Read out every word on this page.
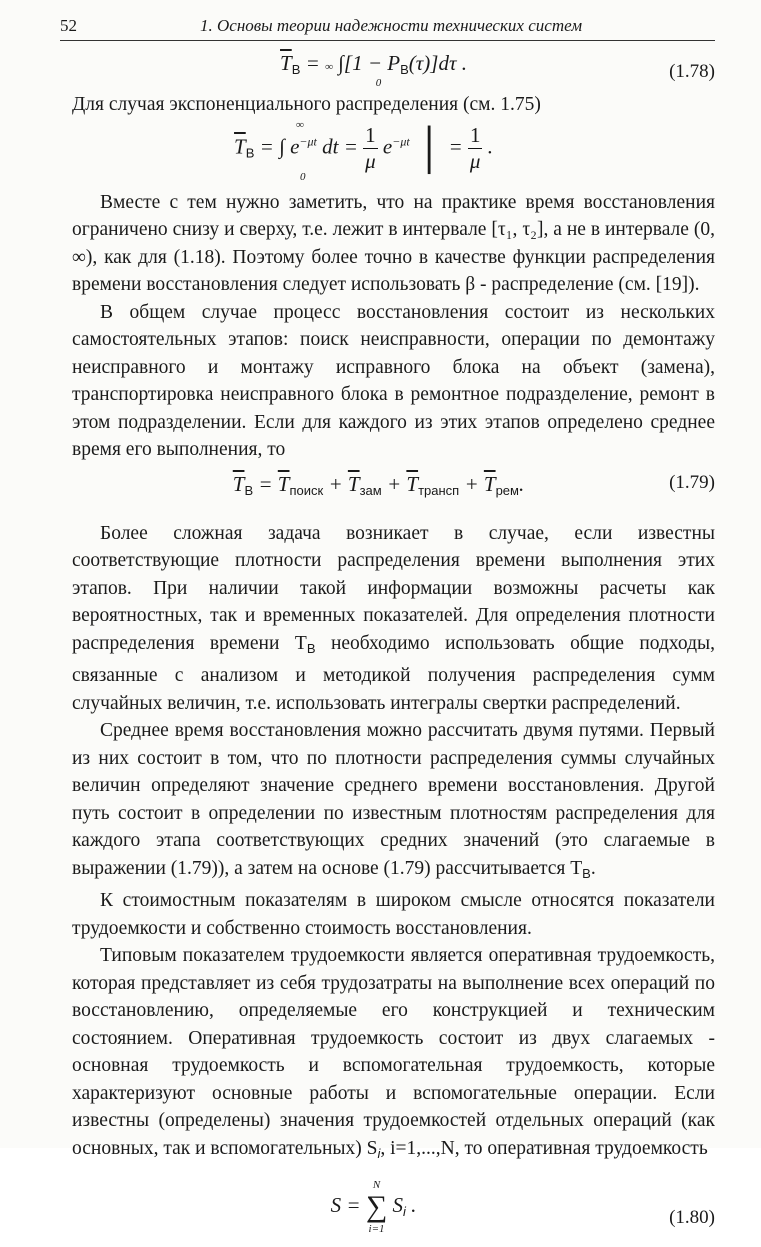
52	1. Основы теории надежности технических систем
$\overline{T}_В$ = ∞ $\int[1 - P_В(\tau)]d\tau$ .
0
(1.78)

Для случая экспоненциального распределения (см. 1.75)

$\overline{T}_В$ = ∫ $e^{-\mu t}$ dt = $\frac{1}{\mu} e^{-\mu t}$ │ = $\frac{1}{\mu}$ .
∞
0

Вместе с тем нужно заметить, что на практике время восстановления ограничено снизу и сверху, т.е. лежит в интервале [τ₁, τ₂], а не в интервале (0, ∞), как для (1.18). Поэтому более точно в качестве функции распределения времени восстановления следует использовать β - распределение (см. [19]).

В общем случае процесс восстановления состоит из нескольких самостоятельных этапов: поиск неисправности, операции по демонтажу неисправного и монтажу исправного блока на объект (замена), транспортировка неисправного блока в ремонтное подразделение, ремонт в этом подразделении. Если для каждого из этих этапов определено среднее время его выполнения, то

$\overline{T}_В = \overline{T}_{поиск} + \overline{T}_{зам} + \overline{T}_{трансп} + \overline{T}_{рем}$.	(1.79)

Более сложная задача возникает в случае, если известны соответствующие плотности распределения времени выполнения этих этапов. При наличии такой информации возможны расчеты как вероятностных, так и временных показателей. Для определения плотности распределения времени $Т_В$ необходимо использовать общие подходы, связанные с анализом и методикой получения распределения сумм случайных величин, т.е. использовать интегралы свертки распределений.

Среднее время восстановления можно рассчитать двумя путями. Первый из них состоит в том, что по плотности распределения суммы случайных величин определяют значение среднего времени восстановления. Другой путь состоит в определении по известным плотностям распределения для каждого этапа соответствующих средних значений (это слагаемые в выражении (1.79)), а затем на основе (1.79) рассчитывается $T_В$.

К стоимостным показателям в широком смысле относятся показатели трудоемкости и собственно стоимость восстановления.

Типовым показателем трудоемкости является оперативная трудоемкость, которая представляет из себя трудозатраты на выполнение всех операций по восстановлению, определяемые его конструкцией и техническим состоянием. Оперативная трудоемкость состоит из двух слагаемых - основная трудоемкость и вспомогательная трудоемкость, которые характеризуют основные работы и вспомогательные операции. Если известны (определены) значения трудоемкостей отдельных операций (как основных, так и вспомогательных) $S_i$, i=1,...,N, то оперативная трудоемкость

S =
N
∑
i=1
$S_i$ .
(1.80)
